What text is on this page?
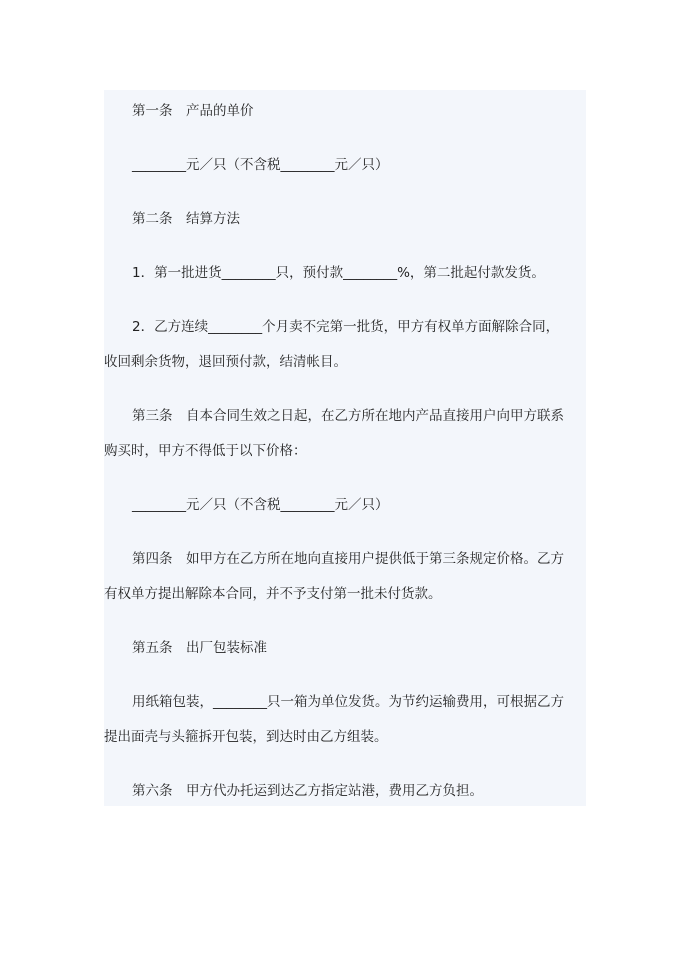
第一条　产品的单价
________元／只（不含税________元／只）
第二条　结算方法
1．第一批进货________只，预付款________%，第二批起付款发货。
2．乙方连续________个月卖不完第一批货，甲方有权单方面解除合同，
收回剩余货物，退回预付款，结清帐目。
第三条　自本合同生效之日起，在乙方所在地内产品直接用户向甲方联系
购买时，甲方不得低于以下价格：
________元／只（不含税________元／只）
第四条　如甲方在乙方所在地向直接用户提供低于第三条规定价格。乙方
有权单方提出解除本合同，并不予支付第一批未付货款。
第五条　出厂包装标准
用纸箱包装，________只一箱为单位发货。为节约运输费用，可根据乙方
提出面壳与头箍拆开包装，到达时由乙方组装。
第六条　甲方代办托运到达乙方指定站港，费用乙方负担。
